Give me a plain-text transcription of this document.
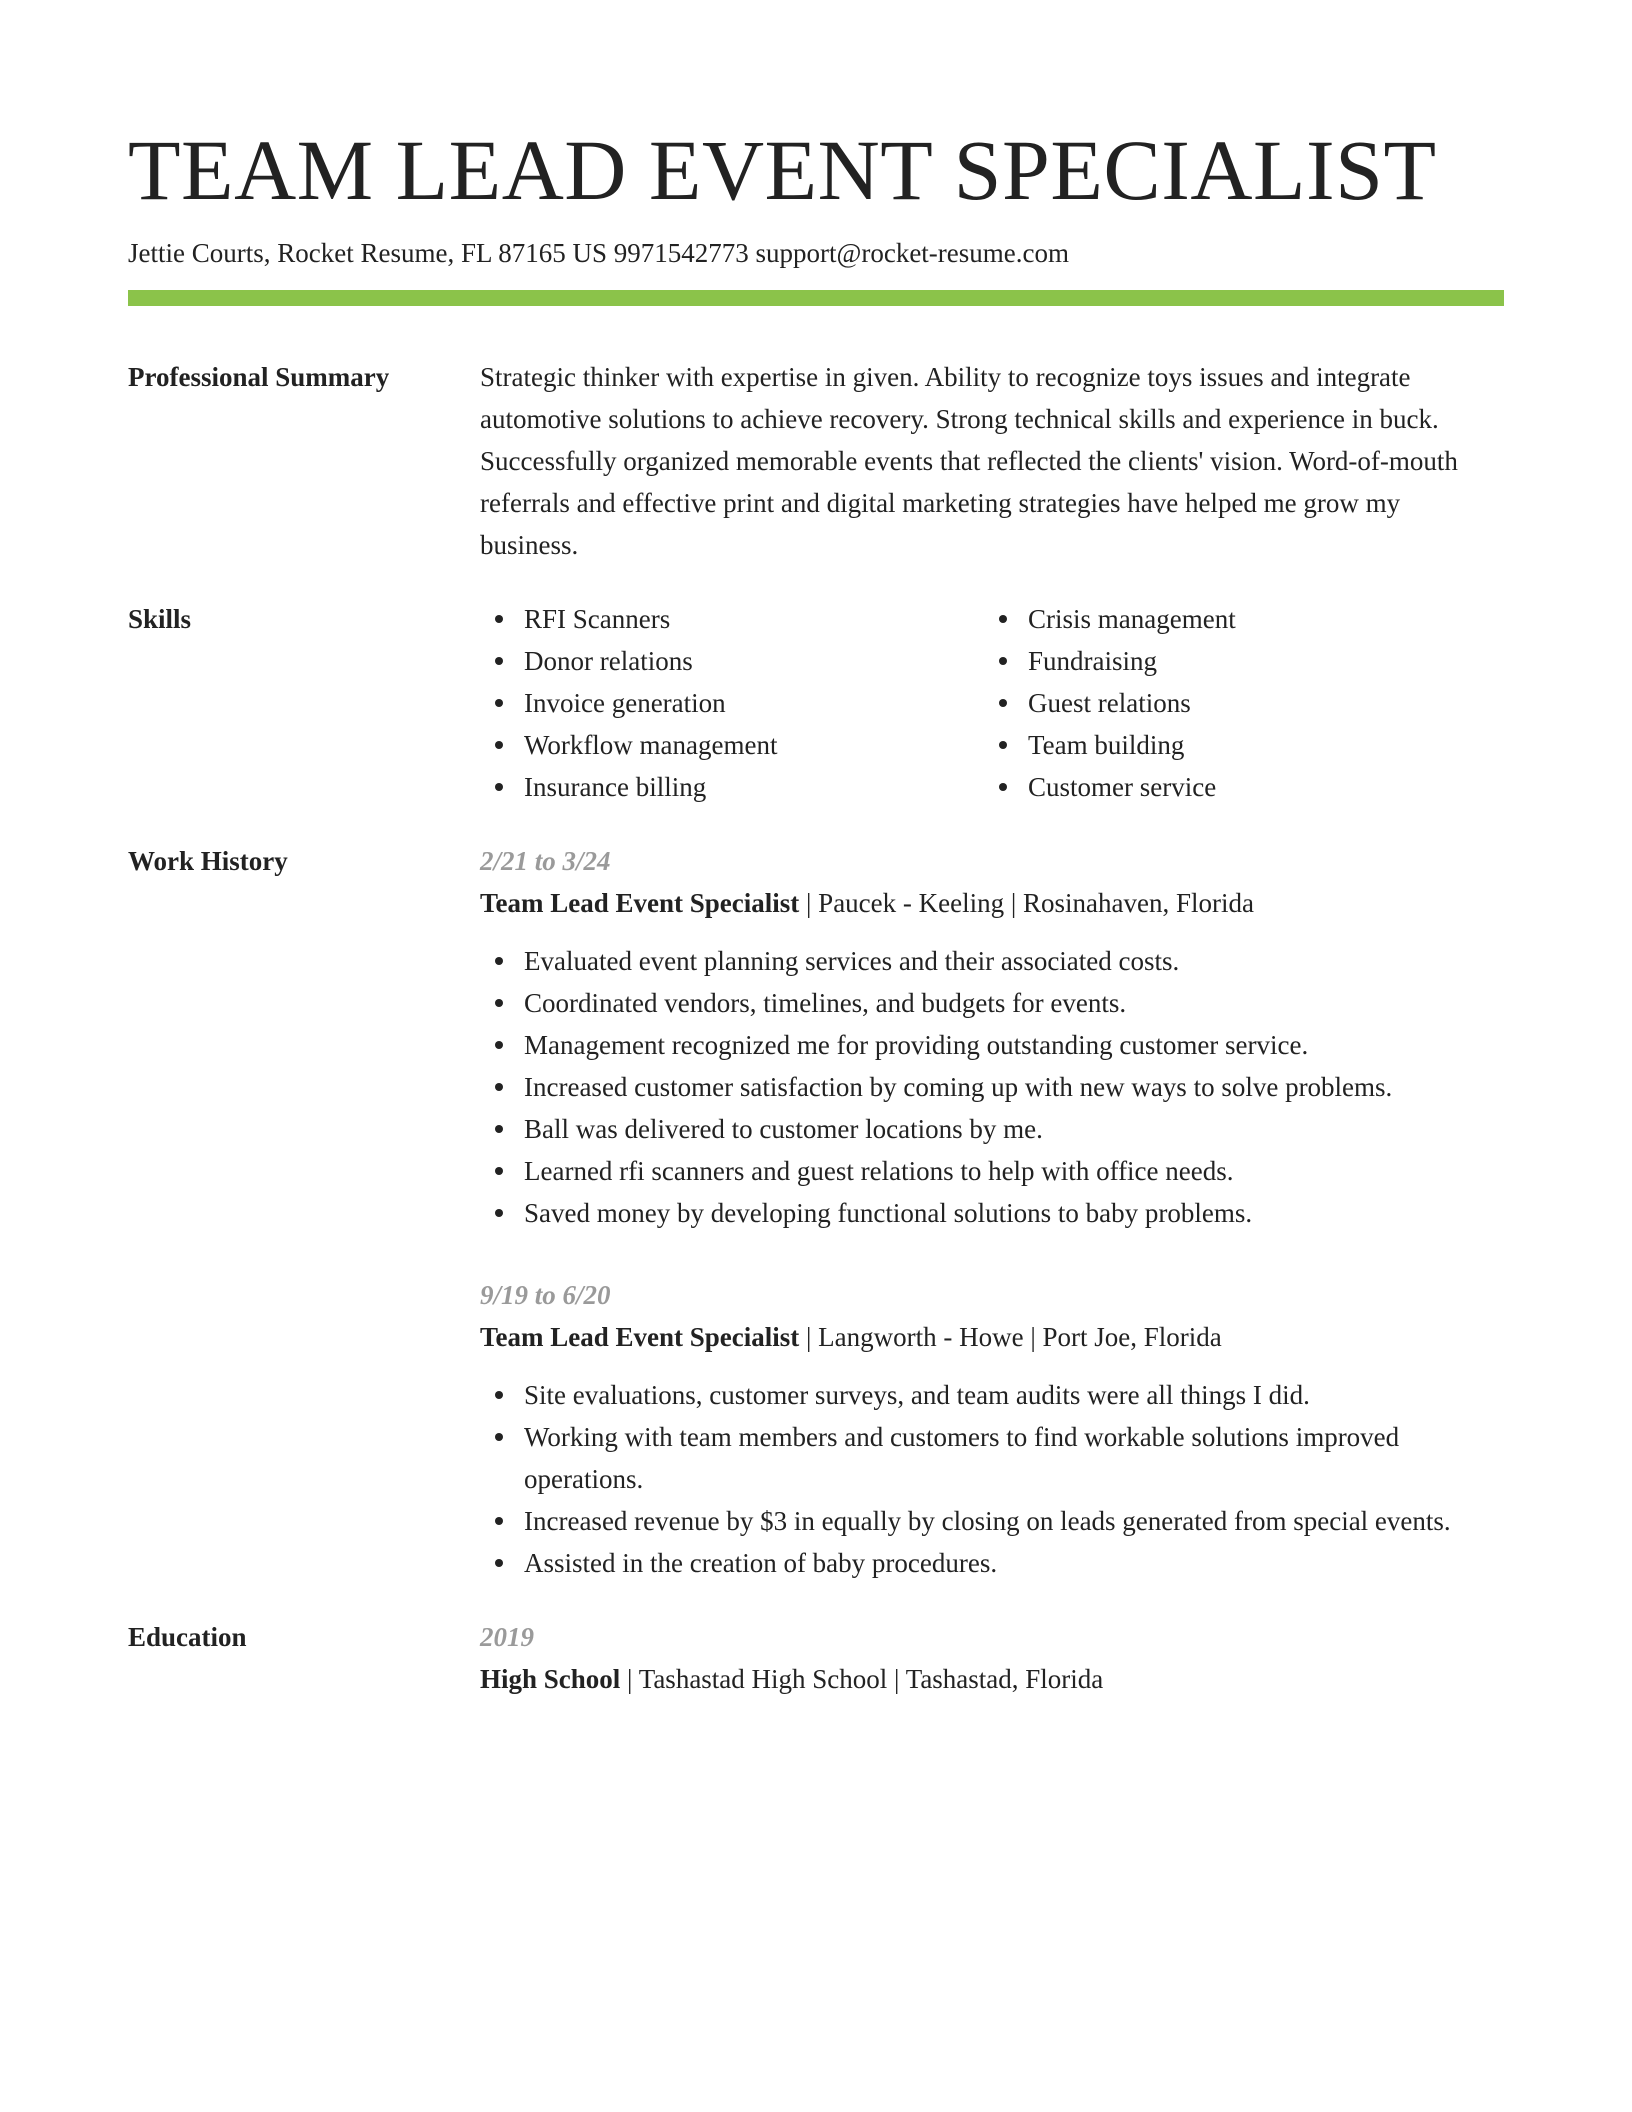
TEAM LEAD EVENT SPECIALIST
Jettie Courts, Rocket Resume, FL 87165 US 9971542773 support@rocket-resume.com
Professional Summary	Strategic thinker with expertise in given. Ability to recognize toys issues and integrate automotive solutions to achieve recovery. Strong technical skills and experience in buck. Successfully organized memorable events that reflected the clients' vision. Word-of-mouth referrals and effective print and digital marketing strategies have helped me grow my business.
Skills	RFI Scanners
Donor relations
Invoice generation
Workflow management
Insurance billing
Crisis management
Fundraising
Guest relations
Team building
Customer service
Work History	2/21 to 3/24
Team Lead Event Specialist | Paucek - Keeling | Rosinahaven, Florida
Evaluated event planning services and their associated costs.
Coordinated vendors, timelines, and budgets for events.
Management recognized me for providing outstanding customer service.
Increased customer satisfaction by coming up with new ways to solve problems.
Ball was delivered to customer locations by me.
Learned rfi scanners and guest relations to help with office needs.
Saved money by developing functional solutions to baby problems.
9/19 to 6/20
Team Lead Event Specialist | Langworth - Howe | Port Joe, Florida
Site evaluations, customer surveys, and team audits were all things I did.
Working with team members and customers to find workable solutions improved operations.
Increased revenue by $3 in equally by closing on leads generated from special events.
Assisted in the creation of baby procedures.
Education	2019
High School | Tashastad High School | Tashastad, Florida
